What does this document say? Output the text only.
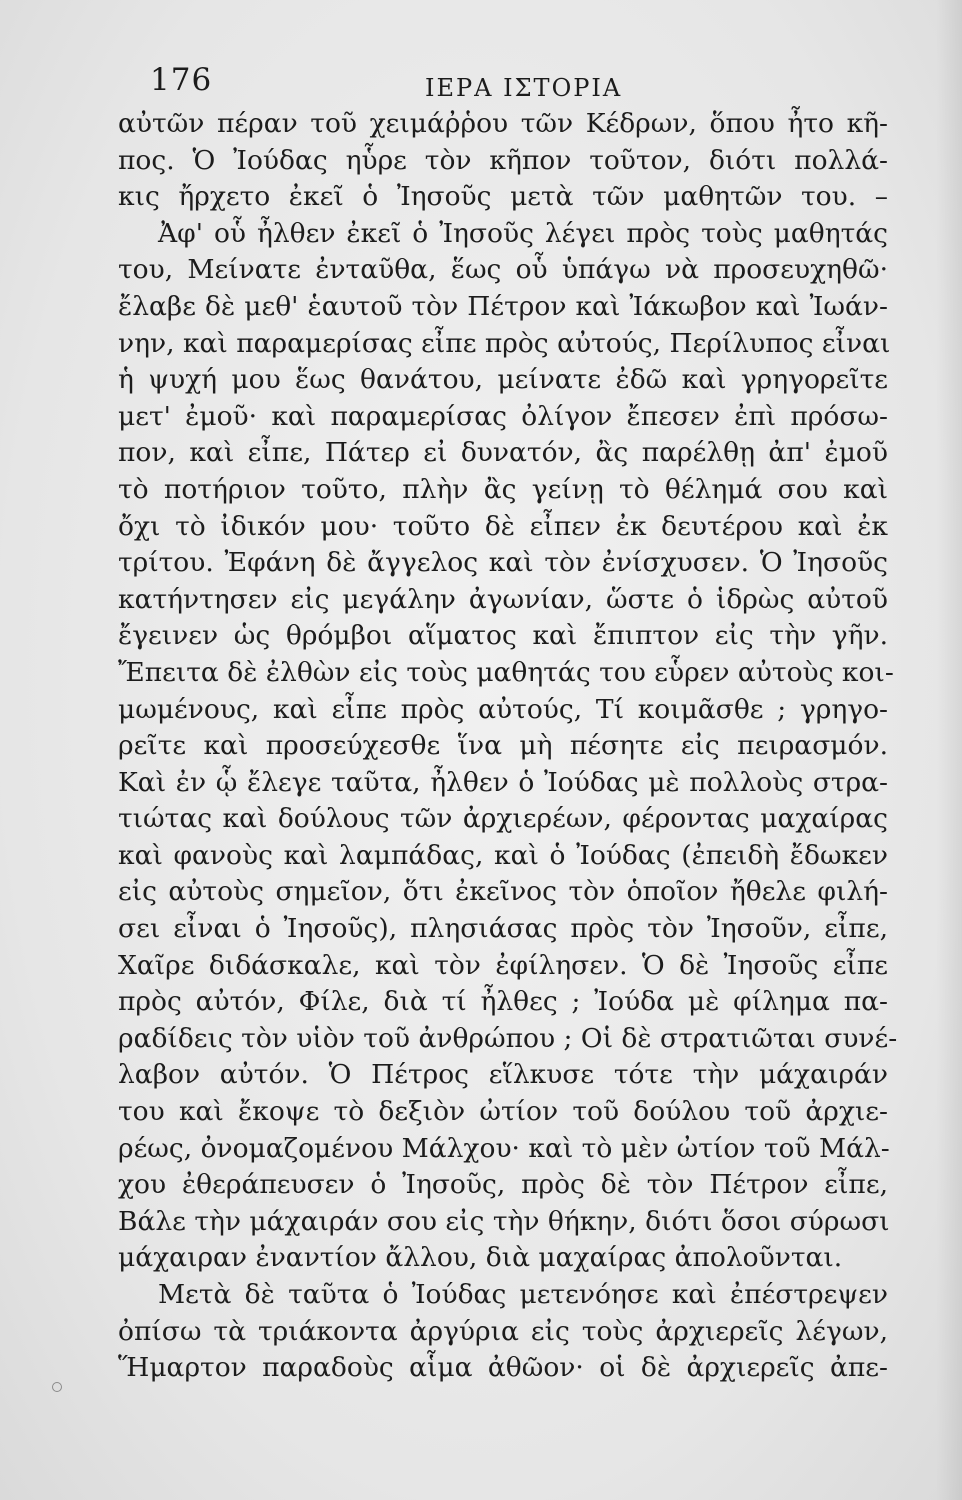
176	ΙΕΡΑ ΙΣΤΟΡΙΑ
αὐτῶν πέραν τοῦ χειμάῤῥου τῶν Κέδρων, ὅπου ἦτο κῆ-
πος. Ὁ Ἰούδας ηὗρε τὸν κῆπον τοῦτον, διότι πολλά-
κις ἤρχετο ἐκεῖ ὁ Ἰησοῦς μετὰ τῶν μαθητῶν του. –
Ἀφ' οὗ ἦλθεν ἐκεῖ ὁ Ἰησοῦς λέγει πρὸς τοὺς μαθητάς
του, Μείνατε ἐνταῦθα, ἕως οὗ ὑπάγω νὰ προσευχηθῶ·
ἔλαβε δὲ μεθ' ἑαυτοῦ τὸν Πέτρον καὶ Ἰάκωβον καὶ Ἰωάν-
νην, καὶ παραμερίσας εἶπε πρὸς αὐτούς, Περίλυπος εἶναι
ἡ ψυχή μου ἕως θανάτου, μείνατε ἐδῶ καὶ γρηγορεῖτε
μετ' ἐμοῦ· καὶ παραμερίσας ὀλίγον ἔπεσεν ἐπὶ πρόσω-
πον, καὶ εἶπε, Πάτερ εἰ δυνατόν, ἂς παρέλθῃ ἀπ' ἐμοῦ
τὸ ποτήριον τοῦτο, πλὴν ἂς γείνῃ τὸ θέλημά σου καὶ
ὄχι τὸ ἰδικόν μου· τοῦτο δὲ εἶπεν ἐκ δευτέρου καὶ ἐκ
τρίτου. Ἐφάνη δὲ ἄγγελος καὶ τὸν ἐνίσχυσεν. Ὁ Ἰησοῦς
κατήντησεν εἰς μεγάλην ἀγωνίαν, ὥστε ὁ ἱδρὼς αὐτοῦ
ἔγεινεν ὡς θρόμβοι αἵματος καὶ ἔπιπτον εἰς τὴν γῆν.
Ἔπειτα δὲ ἐλθὼν εἰς τοὺς μαθητάς του εὗρεν αὐτοὺς κοι-
μωμένους, καὶ εἶπε πρὸς αὐτούς, Τί κοιμᾶσθε ; γρηγο-
ρεῖτε καὶ προσεύχεσθε ἵνα μὴ πέσητε εἰς πειρασμόν.
Καὶ ἐν ᾧ ἔλεγε ταῦτα, ἦλθεν ὁ Ἰούδας μὲ πολλοὺς στρα-
τιώτας καὶ δούλους τῶν ἀρχιερέων, φέροντας μαχαίρας
καὶ φανοὺς καὶ λαμπάδας, καὶ ὁ Ἰούδας (ἐπειδὴ ἔδωκεν
εἰς αὐτοὺς σημεῖον, ὅτι ἐκεῖνος τὸν ὁποῖον ἤθελε φιλή-
σει εἶναι ὁ Ἰησοῦς), πλησιάσας πρὸς τὸν Ἰησοῦν, εἶπε,
Χαῖρε διδάσκαλε, καὶ τὸν ἐφίλησεν. Ὁ δὲ Ἰησοῦς εἶπε
πρὸς αὐτόν, Φίλε, διὰ τί ἦλθες ; Ἰούδα μὲ φίλημα πα-
ραδίδεις τὸν υἱὸν τοῦ ἀνθρώπου ; Οἱ δὲ στρατιῶται συνέ-
λαβον αὐτόν. Ὁ Πέτρος εἵλκυσε τότε τὴν μάχαιράν
του καὶ ἔκοψε τὸ δεξιὸν ὠτίον τοῦ δούλου τοῦ ἀρχιε-
ρέως, ὀνομαζομένου Μάλχου· καὶ τὸ μὲν ὠτίον τοῦ Μάλ-
χου ἐθεράπευσεν ὁ Ἰησοῦς, πρὸς δὲ τὸν Πέτρον εἶπε,
Βάλε τὴν μάχαιράν σου εἰς τὴν θήκην, διότι ὅσοι σύρωσι
μάχαιραν ἐναντίον ἄλλου, διὰ μαχαίρας ἀπολοῦνται.
Μετὰ δὲ ταῦτα ὁ Ἰούδας μετενόησε καὶ ἐπέστρεψεν
ὀπίσω τὰ τριάκοντα ἀργύρια εἰς τοὺς ἀρχιερεῖς λέγων,
Ἥμαρτον παραδοὺς αἷμα ἀθῶον· οἱ δὲ ἀρχιερεῖς ἀπε-
